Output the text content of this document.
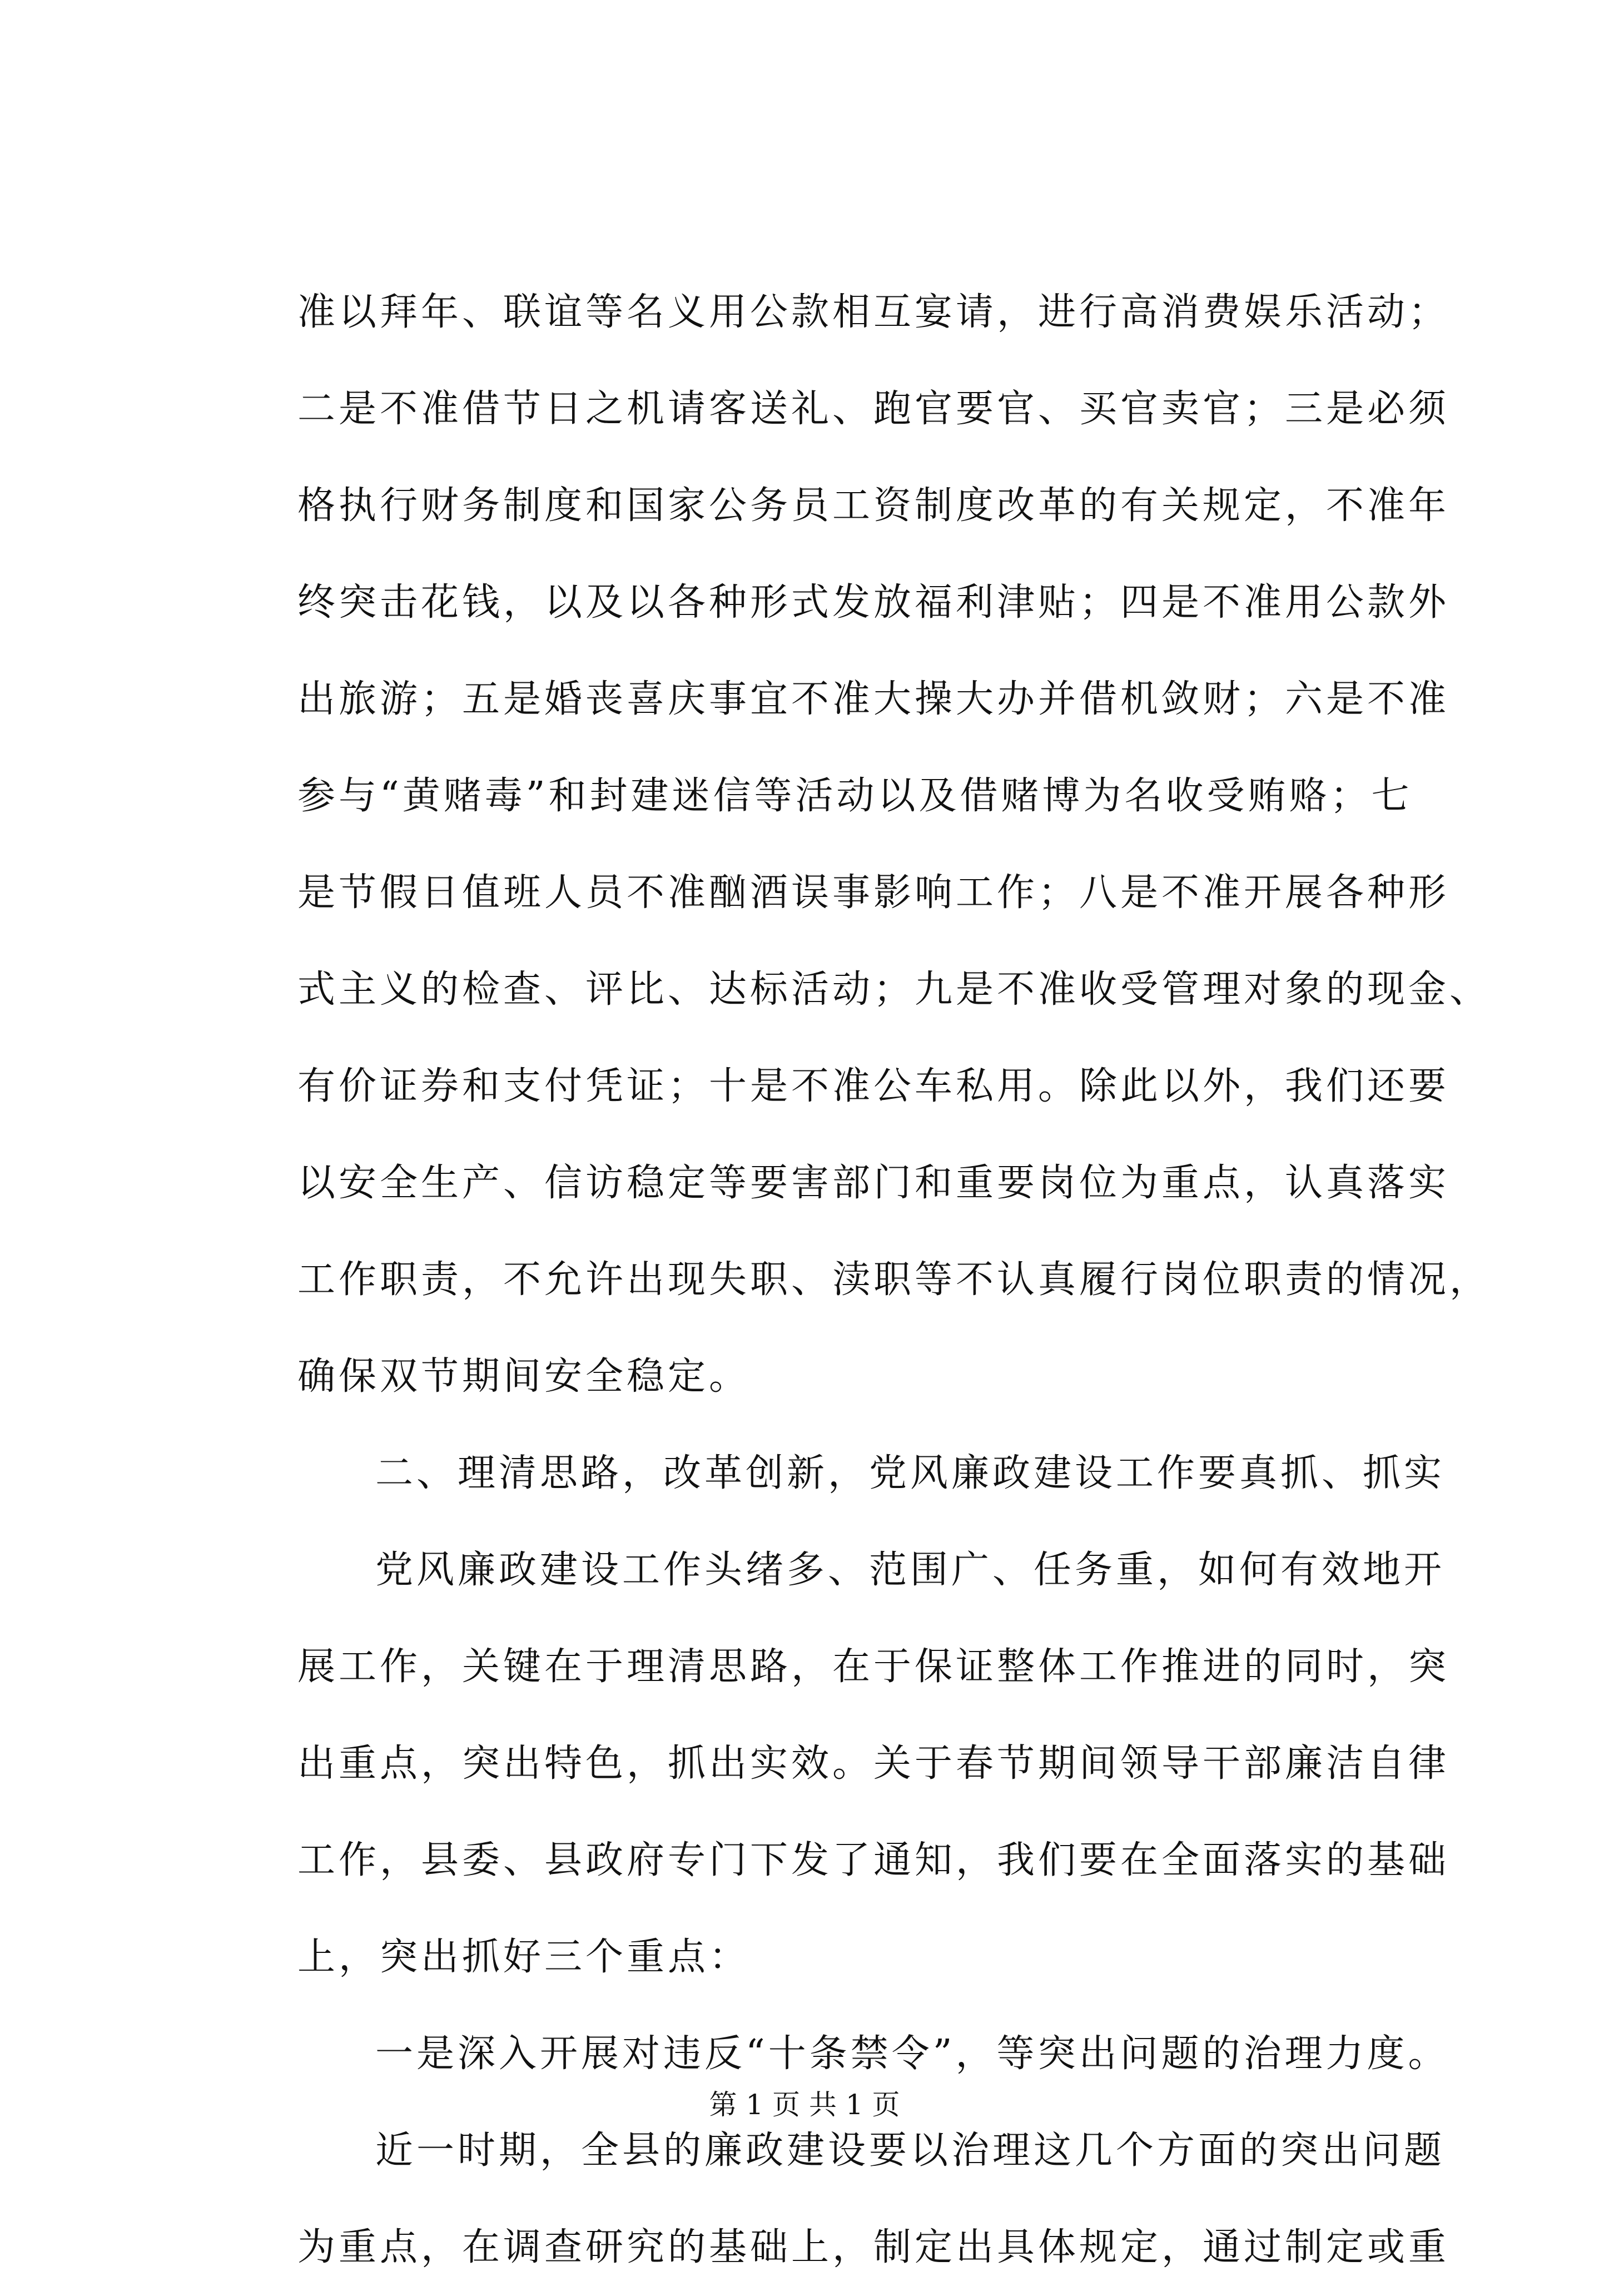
准以拜年、联谊等名义用公款相互宴请，进行高消费娱乐活动；
二是不准借节日之机请客送礼、跑官要官、买官卖官；三是必须
格执行财务制度和国家公务员工资制度改革的有关规定，不准年
终突击花钱，以及以各种形式发放福利津贴；四是不准用公款外
出旅游；五是婚丧喜庆事宜不准大操大办并借机敛财；六是不准
参与“黄赌毒”和封建迷信等活动以及借赌博为名收受贿赂；七
是节假日值班人员不准酗酒误事影响工作；八是不准开展各种形
式主义的检查、评比、达标活动；九是不准收受管理对象的现金、
有价证券和支付凭证；十是不准公车私用。除此以外，我们还要
以安全生产、信访稳定等要害部门和重要岗位为重点，认真落实
工作职责，不允许出现失职、渎职等不认真履行岗位职责的情况，
确保双节期间安全稳定。
二、理清思路，改革创新，党风廉政建设工作要真抓、抓实
党风廉政建设工作头绪多、范围广、任务重，如何有效地开
展工作，关键在于理清思路，在于保证整体工作推进的同时，突
出重点，突出特色，抓出实效。关于春节期间领导干部廉洁自律
工作，县委、县政府专门下发了通知，我们要在全面落实的基础
上，突出抓好三个重点：
一是深入开展对违反“十条禁令”，等突出问题的治理力度。
近一时期，全县的廉政建设要以治理这几个方面的突出问题
为重点，在调查研究的基础上，制定出具体规定，通过制定或重
第 1 页 共 1 页
